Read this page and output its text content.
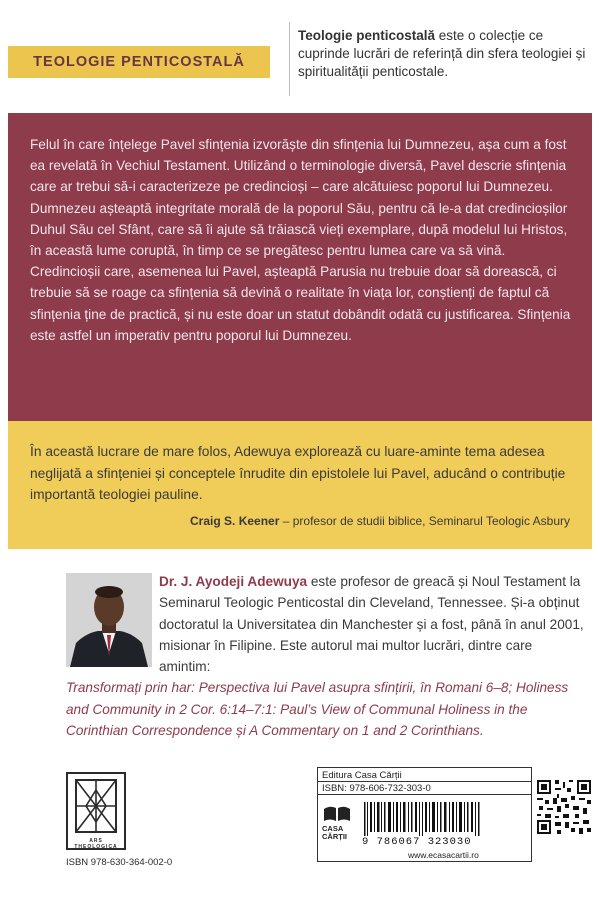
TEOLOGIE PENTICOSTALĂ
Teologie penticostală este o colecție ce cuprinde lucrări de referință din sfera teologiei și spiritualității penticostale.

Felul în care înțelege Pavel sfințenia izvorăște din sfințenia lui Dumnezeu, așa cum a fost ea revelată în Vechiul Testament. Utilizând o terminologie diversă, Pavel descrie sfințenia care ar trebui să-i caracterizeze pe credincioși – care alcătuiesc poporul lui Dumnezeu. Dumnezeu așteaptă integritate morală de la poporul Său, pentru că le-a dat credincioșilor Duhul Său cel Sfânt, care să îi ajute să trăiască vieți exemplare, după modelul lui Hristos, în această lume coruptă, în timp ce se pregătesc pentru lumea care va să vină. Credincioșii care, asemenea lui Pavel, așteaptă Parusia nu trebuie doar să dorească, ci trebuie să se roage ca sfințenia să devină o realitate în viața lor, conștienți de faptul că sfințenia ține de practică, și nu este doar un statut dobândit odată cu justificarea. Sfințenia este astfel un imperativ pentru poporul lui Dumnezeu.

În această lucrare de mare folos, Adewuya explorează cu luare-aminte tema adesea neglijată a sfințeniei și conceptele înrudite din epistolele lui Pavel, aducând o contribuție importantă teologiei pauline.
Craig S. Keener – profesor de studii biblice, Seminarul Teologic Asbury
Dr. J. Ayodeji Adewuya este profesor de greacă și Noul Testament la Seminarul Teologic Penticostal din Cleveland, Tennessee. Și-a obținut doctoratul la Universitatea din Manchester și a fost, până în anul 2001, misionar în Filipine. Este autorul mai multor lucrări, dintre care amintim:
Transformați prin har: Perspectiva lui Pavel asupra sfințirii, în Romani 6–8; Holiness and Community in 2 Cor. 6:14–7:1: Paul’s View of Communal Holiness in the Corinthian Correspondence și A Commentary on 1 and 2 Corinthians.
ARS THEOLOGICA
ISBN 978-630-364-002-0
Editura Casa Cărții
ISBN: 978-606-732-303-0
CASA CĂRȚII	9 786067 323030
www.ecasacartii.ro
